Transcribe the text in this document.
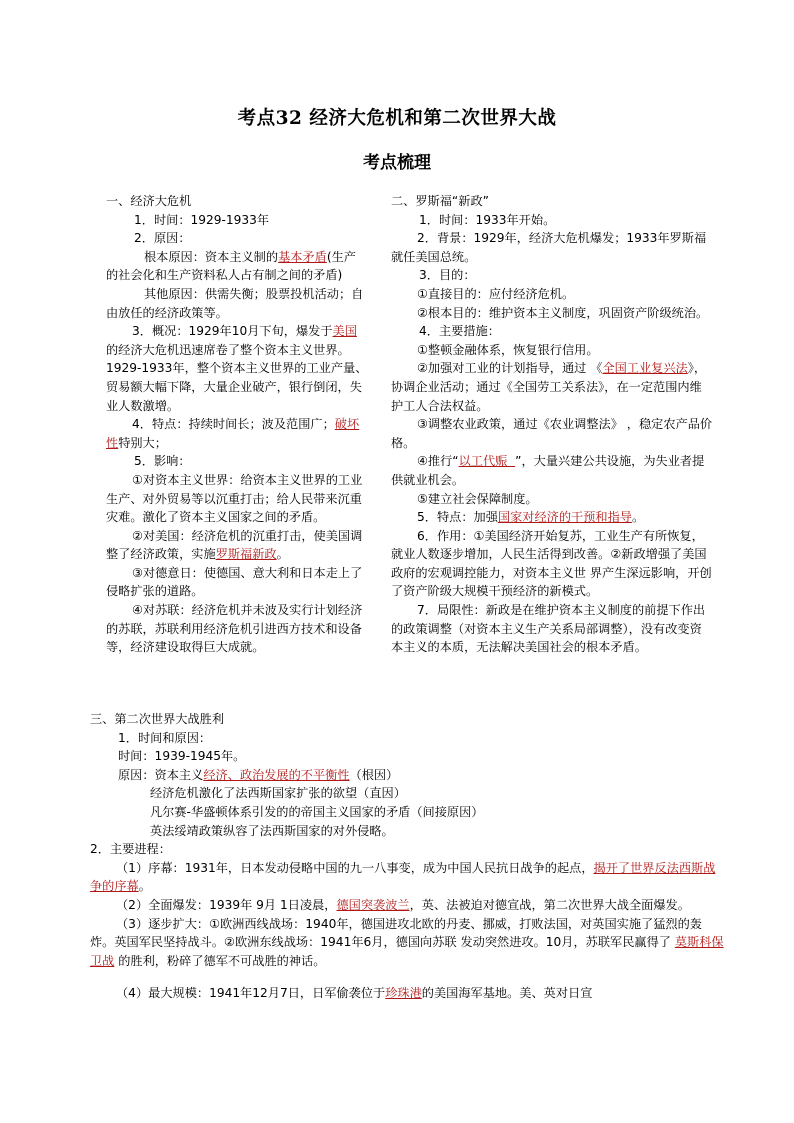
考点32 经济大危机和第二次世界大战
考点梳理

一、经济大危机

1．时间：1929-1933年

2．原因：

根本原因：资本主义制的基本矛盾(生产的社会化和生产资料私人占有制之间的矛盾)

其他原因：供需失衡；股票投机活动；自由放任的经济政策等。

3．概况：1929年10月下旬，爆发于美国的经济大危机迅速席卷了整个资本主义世界。1929-1933年，整个资本主义世界的工业产量、贸易额大幅下降，大量企业破产，银行倒闭，失业人数激增。

4．特点：持续时间长；波及范围广；破坏性特别大；

5．影响：

①对资本主义世界：给资本主义世界的工业生产、对外贸易等以沉重打击；给人民带来沉重灾难。激化了资本主义国家之间的矛盾。

②对美国：经济危机的沉重打击，使美国调整了经济政策，实施罗斯福新政。

③对德意日：使德国、意大利和日本走上了侵略扩张的道路。

④对苏联：经济危机并未波及实行计划经济的苏联，苏联利用经济危机引进西方技术和设备等，经济建设取得巨大成就。

二、罗斯福“新政”

1．时间：1933年开始。

2．背景：1929年，经济大危机爆发；1933年罗斯福就任美国总统。

3．目的：

①直接目的：应付经济危机。

②根本目的：维护资本主义制度，巩固资产阶级统治。

4．主要措施：

①整顿金融体系，恢复银行信用。

②加强对工业的计划指导，通过 《全国工业复兴法》，协调企业活动；通过《全国劳工关系法》，在一定范围内维护工人合法权益。

③调整农业政策，通过《农业调整法》 ，稳定农产品价格。

④推行“以工代赈  ”，大量兴建公共设施，为失业者提供就业机会。

⑤建立社会保障制度。

5．特点：加强国家对经济的干预和指导。

6．作用：①美国经济开始复苏，工业生产有所恢复，就业人数逐步增加，人民生活得到改善。②新政增强了美国政府的宏观调控能力，对资本主义世 界产生深远影响，开创了资产阶级大规模干预经济的新模式。

7．局限性：新政是在维护资本主义制度的前提下作出的政策调整（对资本主义生产关系局部调整），没有改变资本主义的本质，无法解决美国社会的根本矛盾。

三、第二次世界大战胜利

1．时间和原因：

时间：1939-1945年。

原因：资本主义经济、政治发展的不平衡性（根因）

经济危机激化了法西斯国家扩张的欲望（直因）

凡尔赛-华盛顿体系引发的的帝国主义国家的矛盾（间接原因）

英法绥靖政策纵容了法西斯国家的对外侵略。

2．主要进程：

（1）序幕：1931年，日本发动侵略中国的九一八事变，成为中国人民抗日战争的起点，揭开了世界反法西斯战争的序幕。

（2）全面爆发：1939年 9月 1日凌晨，德国突袭波兰，英、法被迫对德宣战，第二次世界大战全面爆发。

（3）逐步扩大：①欧洲西线战场：1940年，德国进攻北欧的丹麦、挪威，打败法国，对英国实施了猛烈的轰炸。英国军民坚持战斗。②欧洲东线战场：1941年6月，德国向苏联 发动突然进攻。10月，苏联军民赢得了 莫斯科保卫战 的胜利，粉碎了德军不可战胜的神话。

（4）最大规模：1941年12月7日，日军偷袭位于珍珠港的美国海军基地。美、英对日宣
